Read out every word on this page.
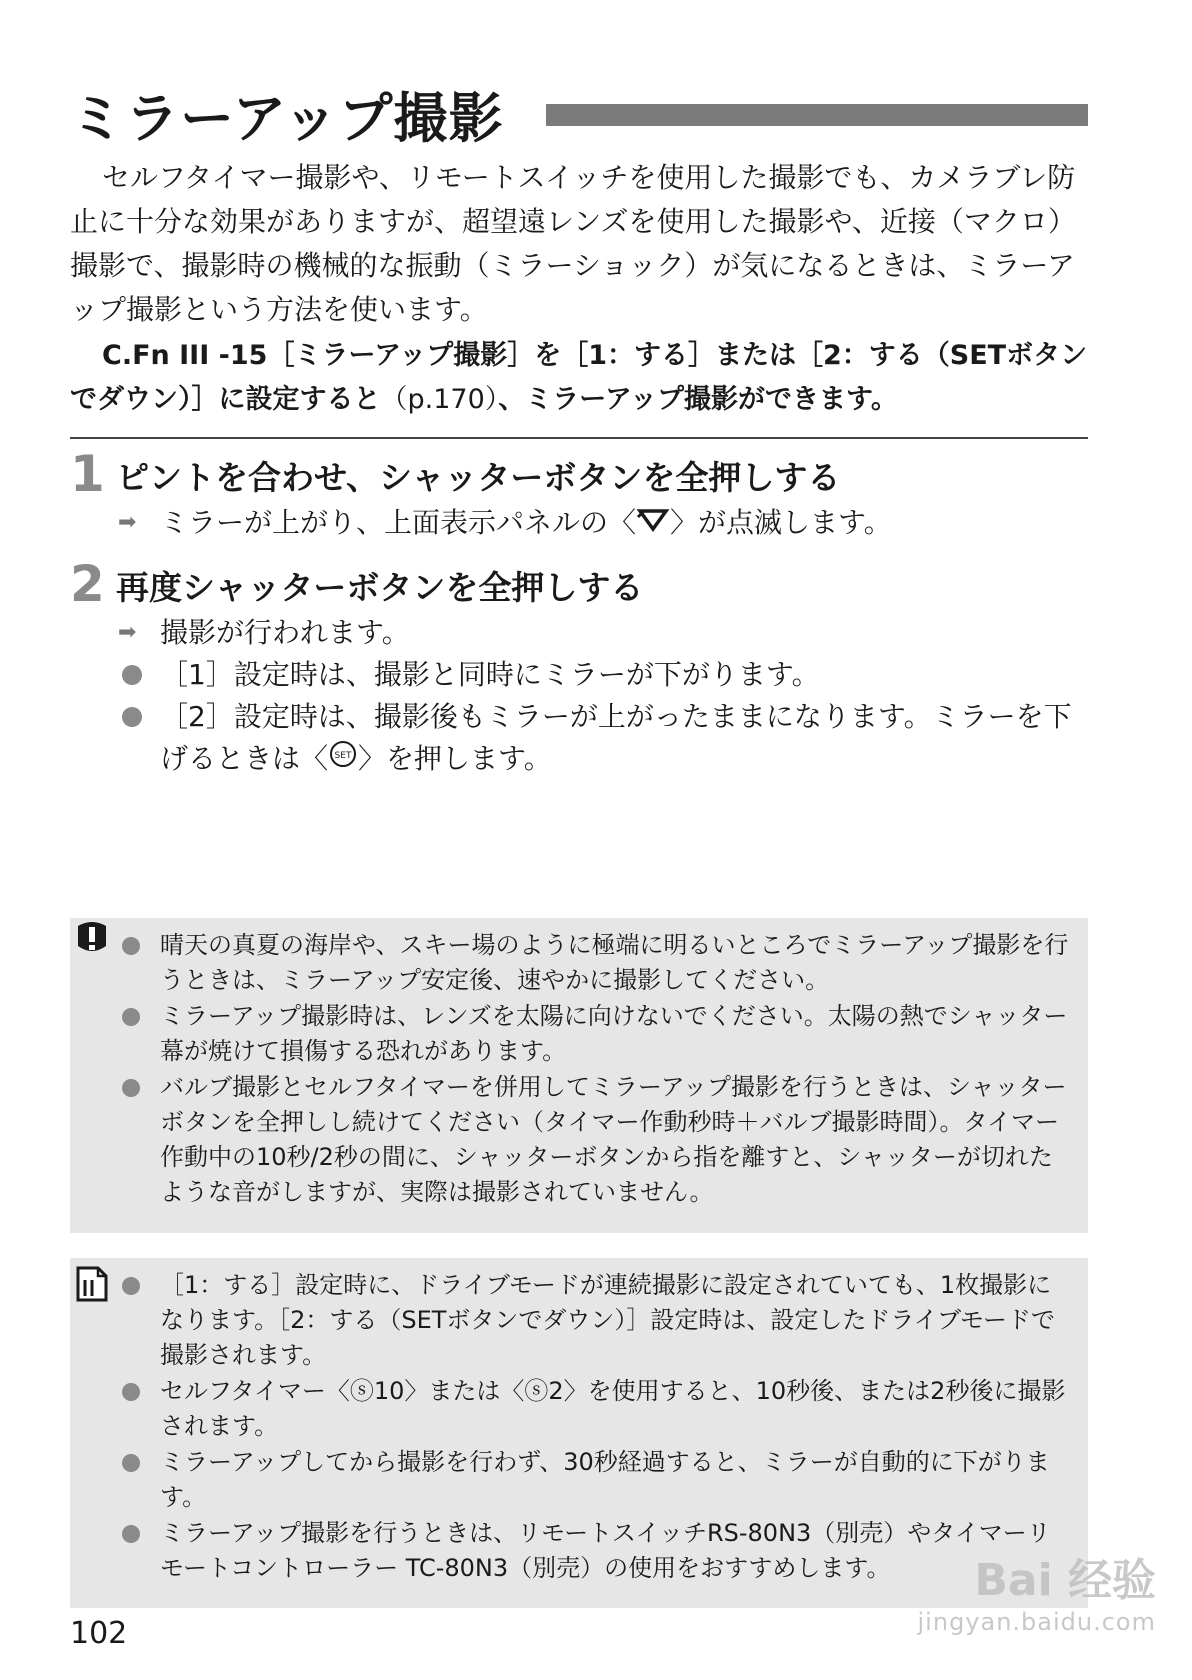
ミラーアップ撮影

セルフタイマー撮影や、リモートスイッチを使用した撮影でも、カメラブレ防止に十分な効果がありますが、超望遠レンズを使用した撮影や、近接（マクロ）撮影で、撮影時の機械的な振動（ミラーショック）が気になるときは、ミラーアップ撮影という方法を使います。

C.Fn III -15［ミラーアップ撮影］を［1：する］または［2：する（SETボタンでダウン）］に設定すると（p.170）、ミラーアップ撮影ができます。

1 ピントを合わせ、シャッターボタンを全押しする
➡ ミラーが上がり、上面表示パネルの〈 〉が点滅します。
2 再度シャッターボタンを全押しする
➡ 撮影が行われます。
［1］設定時は、撮影と同時にミラーが下がります。
［2］設定時は、撮影後もミラーが上がったままになります。ミラーを下げるときは〈 SET 〉を押します。
晴天の真夏の海岸や、スキー場のように極端に明るいところでミラーアップ撮影を行うときは、ミラーアップ安定後、速やかに撮影してください。
ミラーアップ撮影時は、レンズを太陽に向けないでください。太陽の熱でシャッター幕が焼けて損傷する恐れがあります。
バルブ撮影とセルフタイマーを併用してミラーアップ撮影を行うときは、シャッターボタンを全押しし続けてください（タイマー作動秒時＋バルブ撮影時間）。タイマー作動中の10秒/2秒の間に、シャッターボタンから指を離すと、シャッターが切れたような音がしますが、実際は撮影されていません。
［1：する］設定時に、ドライブモードが連続撮影に設定されていても、1枚撮影になります。［2：する（SETボタンでダウン）］設定時は、設定したドライブモードで撮影されます。
セルフタイマー〈ⓢ10〉または〈ⓢ2〉を使用すると、10秒後、または2秒後に撮影されます。
ミラーアップしてから撮影を行わず、30秒経過すると、ミラーが自動的に下がります。
ミラーアップ撮影を行うときは、リモートスイッチRS-80N3（別売）やタイマーリモートコントローラー TC-80N3（別売）の使用をおすすめします。
102
Bai 经验
jingyan.baidu.com
